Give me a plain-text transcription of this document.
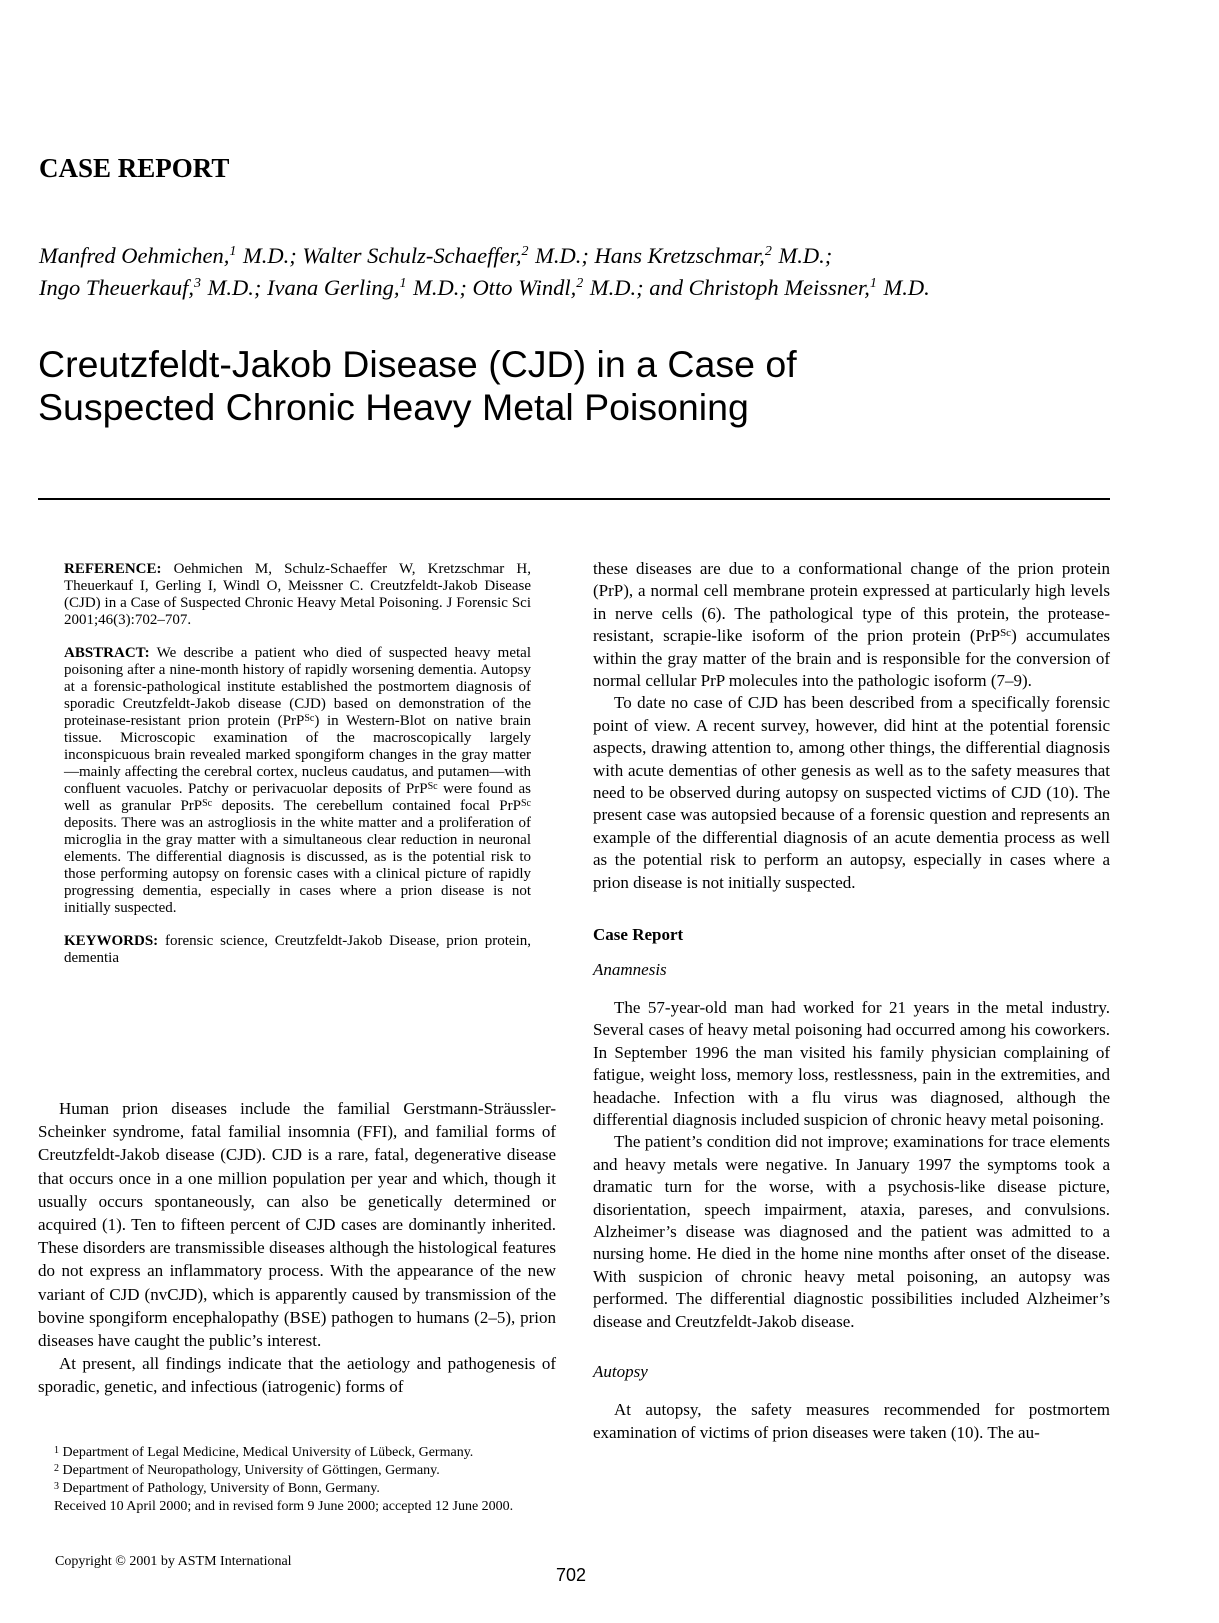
CASE REPORT
Manfred Oehmichen,$^1$ M.D.; Walter Schulz-Schaeffer,$^2$ M.D.; Hans Kretzschmar,$^2$ M.D.;
Ingo Theuerkauf,$^3$ M.D.; Ivana Gerling,$^1$ M.D.; Otto Windl,$^2$ M.D.; and Christoph Meissner,$^1$ M.D.
Creutzfeldt-Jakob Disease (CJD) in a Case of
Suspected Chronic Heavy Metal Poisoning

REFERENCE: Oehmichen M, Schulz-Schaeffer W, Kretzschmar H, Theuerkauf I, Gerling I, Windl O, Meissner C. Creutzfeldt-Jakob Disease (CJD) in a Case of Suspected Chronic Heavy Metal Poisoning. J Forensic Sci 2001;46(3):702–707.

ABSTRACT: We describe a patient who died of suspected heavy metal poisoning after a nine-month history of rapidly worsening dementia. Autopsy at a forensic-pathological institute established the postmortem diagnosis of sporadic Creutzfeldt-Jakob disease (CJD) based on demonstration of the proteinase-resistant prion protein (PrP$^{Sc}$) in Western-Blot on native brain tissue. Microscopic examination of the macroscopically largely inconspicuous brain revealed marked spongiform changes in the gray matter—mainly affecting the cerebral cortex, nucleus caudatus, and putamen—with confluent vacuoles. Patchy or perivacuolar deposits of PrP$^{Sc}$ were found as well as granular PrP$^{Sc}$ deposits. The cerebellum contained focal PrP$^{Sc}$ deposits. There was an astrogliosis in the white matter and a proliferation of microglia in the gray matter with a simultaneous clear reduction in neuronal elements. The differential diagnosis is discussed, as is the potential risk to those performing autopsy on forensic cases with a clinical picture of rapidly progressing dementia, especially in cases where a prion disease is not initially suspected.

KEYWORDS: forensic science, Creutzfeldt-Jakob Disease, prion protein, dementia

Human prion diseases include the familial Gerstmann-Sträussler-Scheinker syndrome, fatal familial insomnia (FFI), and familial forms of Creutzfeldt-Jakob disease (CJD). CJD is a rare, fatal, degenerative disease that occurs once in a one million population per year and which, though it usually occurs spontaneously, can also be genetically determined or acquired (1). Ten to fifteen percent of CJD cases are dominantly inherited. These disorders are transmissible diseases although the histological features do not express an inflammatory process. With the appearance of the new variant of CJD (nvCJD), which is apparently caused by transmission of the bovine spongiform encephalopathy (BSE) pathogen to humans (2–5), prion diseases have caught the public’s interest.

At present, all findings indicate that the aetiology and pathogenesis of sporadic, genetic, and infectious (iatrogenic) forms of

$^1$ Department of Legal Medicine, Medical University of Lübeck, Germany.
$^2$ Department of Neuropathology, University of Göttingen, Germany.
$^3$ Department of Pathology, University of Bonn, Germany.
Received 10 April 2000; and in revised form 9 June 2000; accepted 12 June 2000.
Copyright © 2001 by ASTM International
702

these diseases are due to a conformational change of the prion protein (PrP), a normal cell membrane protein expressed at particularly high levels in nerve cells (6). The pathological type of this protein, the protease-resistant, scrapie-like isoform of the prion protein (PrP$^{Sc}$) accumulates within the gray matter of the brain and is responsible for the conversion of normal cellular PrP molecules into the pathologic isoform (7–9).

To date no case of CJD has been described from a specifically forensic point of view. A recent survey, however, did hint at the potential forensic aspects, drawing attention to, among other things, the differential diagnosis with acute dementias of other genesis as well as to the safety measures that need to be observed during autopsy on suspected victims of CJD (10). The present case was autopsied because of a forensic question and represents an example of the differential diagnosis of an acute dementia process as well as the potential risk to perform an autopsy, especially in cases where a prion disease is not initially suspected.

Case Report
Anamnesis

The 57-year-old man had worked for 21 years in the metal industry. Several cases of heavy metal poisoning had occurred among his coworkers. In September 1996 the man visited his family physician complaining of fatigue, weight loss, memory loss, restlessness, pain in the extremities, and headache. Infection with a flu virus was diagnosed, although the differential diagnosis included suspicion of chronic heavy metal poisoning.

The patient’s condition did not improve; examinations for trace elements and heavy metals were negative. In January 1997 the symptoms took a dramatic turn for the worse, with a psychosis-like disease picture, disorientation, speech impairment, ataxia, pareses, and convulsions. Alzheimer’s disease was diagnosed and the patient was admitted to a nursing home. He died in the home nine months after onset of the disease. With suspicion of chronic heavy metal poisoning, an autopsy was performed. The differential diagnostic possibilities included Alzheimer’s disease and Creutzfeldt-Jakob disease.

Autopsy

At autopsy, the safety measures recommended for postmortem examination of victims of prion diseases were taken (10). The au-
